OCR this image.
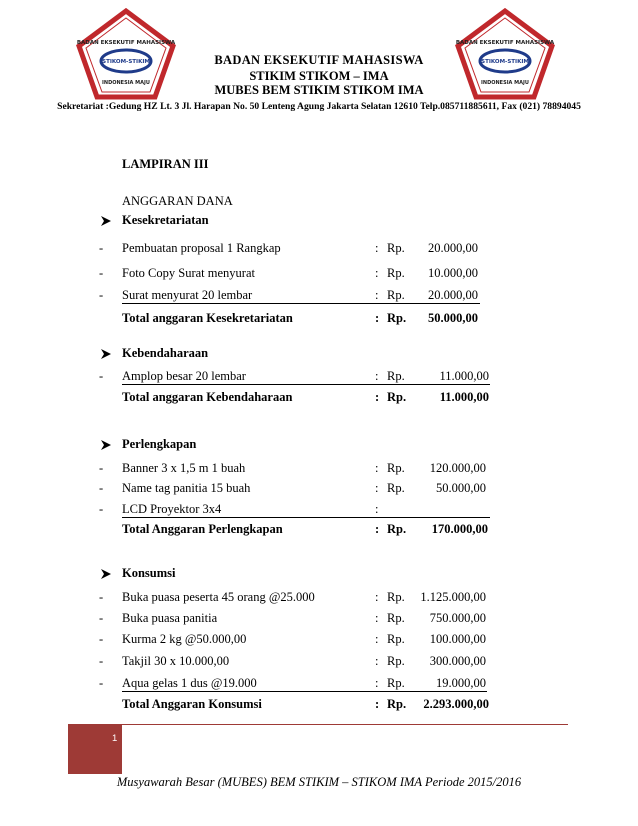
BADAN EKSEKUTIF MAHASISWA
STIKOM-STIKIM
INDONESIA MAJU
BADAN EKSEKUTIF MAHASISWA
STIKOM-STIKIM
INDONESIA MAJU
BADAN EKSEKUTIF MAHASISWA
STIKIM STIKOM – IMA
MUBES BEM STIKIM STIKOM IMA
Sekretariat :Gedung HZ Lt. 3 Jl. Harapan No. 50 Lenteng Agung Jakarta Selatan 12610 Telp.085711885611, Fax (021) 78894045
LAMPIRAN III
ANGGARAN DANA
Kesekretariatan
- Pembuatan proposal 1 Rangkap	: Rp. 20.000,00
- Foto Copy Surat menyurat	: Rp. 10.000,00
- Surat menyurat 20 lembar	: Rp. 20.000,00
Total anggaran Kesekretariatan	: Rp. 50.000,00
Kebendaharaan
- Amplop besar 20 lembar	: Rp.	11.000,00
Total anggaran Kebendaharaan	: Rp.	11.000,00
Perlengkapan
- Banner 3 x 1,5 m 1 buah	: Rp. 120.000,00
- Name tag panitia 15 buah	: Rp.	50.000,00
- LCD Proyektor 3x4	:
Total Anggaran Perlengkapan	: Rp. 170.000,00
Konsumsi
- Buka puasa peserta 45 orang @25.000	: Rp. 1.125.000,00
- Buka puasa panitia	: Rp. 750.000,00
- Kurma 2 kg @50.000,00	: Rp. 100.000,00
- Takjil 30 x 10.000,00	: Rp. 300.000,00
- Aqua gelas 1 dus @19.000	: Rp.	19.000,00
Total Anggaran Konsumsi	: Rp. 2.293.000,00
1
Musyawarah Besar (MUBES) BEM STIKIM – STIKOM IMA Periode 2015/2016
